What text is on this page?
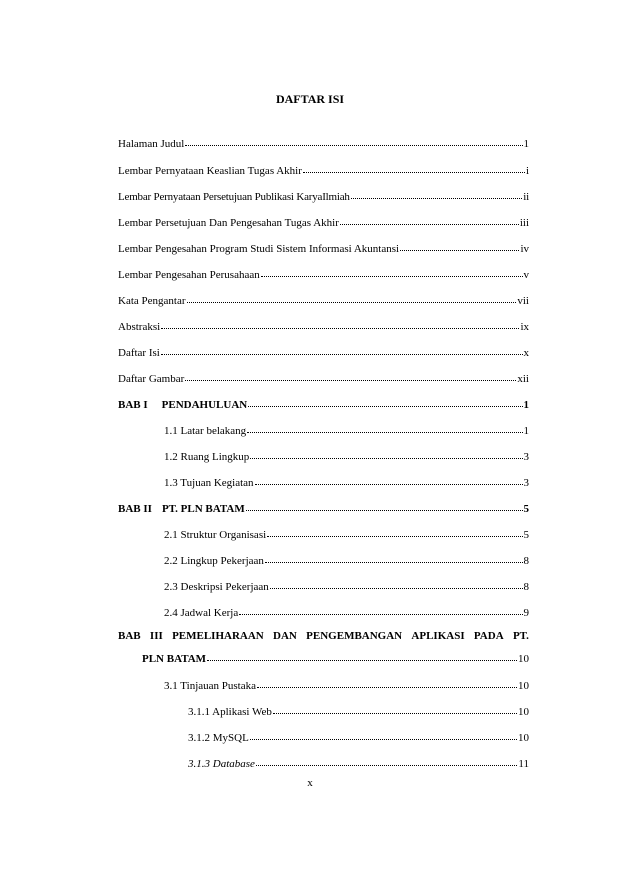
DAFTAR ISI
Halaman Judul	1
Lembar Pernyataan Keaslian Tugas Akhir	i
Lembar Pernyataan Persetujuan Publikasi KaryaIlmiah	ii
Lembar Persetujuan Dan Pengesahan Tugas Akhir	iii
Lembar Pengesahan Program Studi Sistem Informasi Akuntansi	iv
Lembar Pengesahan Perusahaan	v
Kata Pengantar	vii
Abstraksi	ix
Daftar Isi	x
Daftar Gambar	xii
BAB I PENDAHULUAN	1
1.1 Latar belakang	1
1.2 Ruang Lingkup	3
1.3 Tujuan Kegiatan	3
BAB II PT. PLN BATAM	5
2.1 Struktur Organisasi	5
2.2 Lingkup Pekerjaan	8
2.3 Deskripsi Pekerjaan	8
2.4 Jadwal Kerja	9
BAB III PEMELIHARAAN DAN PENGEMBANGAN APLIKASI PADA PT.
PLN BATAM	10
3.1 Tinjauan Pustaka	10
3.1.1 Aplikasi Web	10
3.1.2 MySQL	10
3.1.3 Database	11
x
